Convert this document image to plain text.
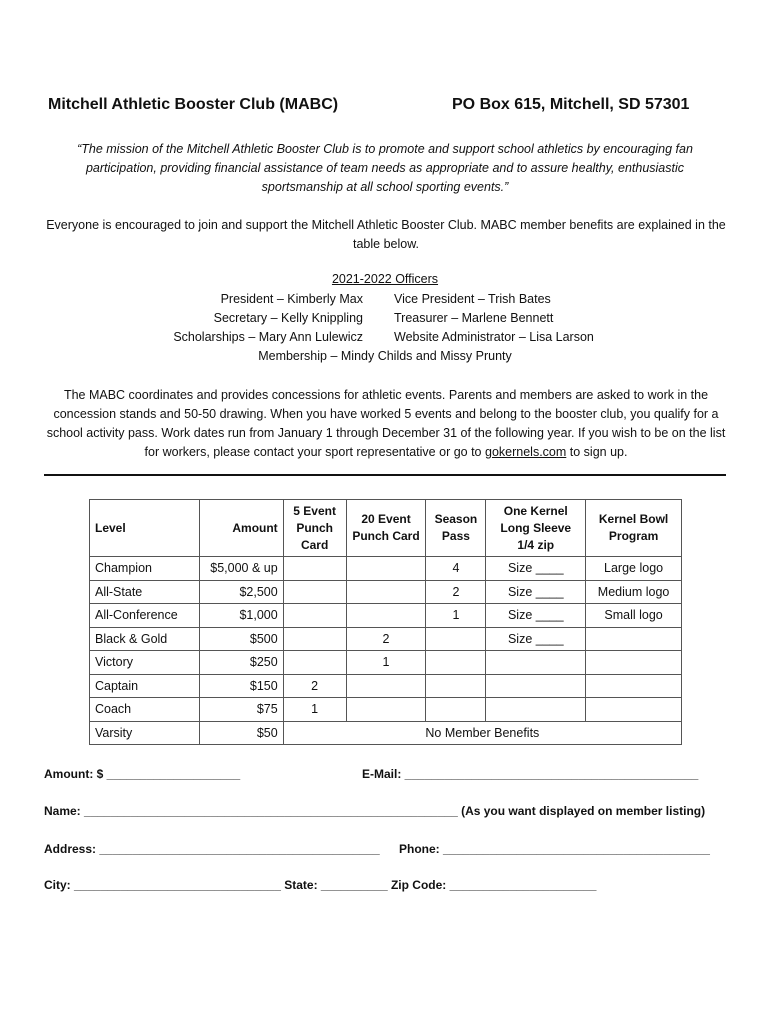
Mitchell Athletic Booster Club (MABC)	PO Box 615, Mitchell, SD 57301
“The mission of the Mitchell Athletic Booster Club is to promote and support school athletics by encouraging fan participation, providing financial assistance of team needs as appropriate and to assure healthy, enthusiastic sportsmanship at all school sporting events.”
Everyone is encouraged to join and support the Mitchell Athletic Booster Club. MABC member benefits are explained in the table below.
2021-2022 Officers
President – Kimberly Max Vice President – Trish Bates
Secretary – Kelly Knippling Treasurer – Marlene Bennett
Scholarships – Mary Ann Lulewicz Website Administrator – Lisa Larson
Membership – Mindy Childs and Missy Prunty
The MABC coordinates and provides concessions for athletic events. Parents and members are asked to work in the concession stands and 50-50 drawing. When you have worked 5 events and belong to the booster club, you qualify for a school activity pass. Work dates run from January 1 through December 31 of the following year. If you wish to be on the list for workers, please contact your sport representative or go to gokernels.com to sign up.
Level	Amount	5 Event Punch Card	20 Event Punch Card	Season Pass	One Kernel Long Sleeve 1/4 zip	Kernel Bowl Program
Champion	$5,000 & up			4	Size ____	Large logo
All-State	$2,500			2	Size ____	Medium logo
All-Conference	$1,000			1	Size ____	Small logo
Black & Gold	$500		2		Size ____	
Victory	$250		1			
Captain	$150	2				
Coach	$75	1				
Varsity	$50	No Member Benefits				
Amount: $ ____________________	E-Mail: ____________________________________________
Name: ________________________________________________________ (As you want displayed on member listing)
Address: __________________________________________ Phone: ________________________________________
City: _______________________________ State: __________ Zip Code: ______________________
